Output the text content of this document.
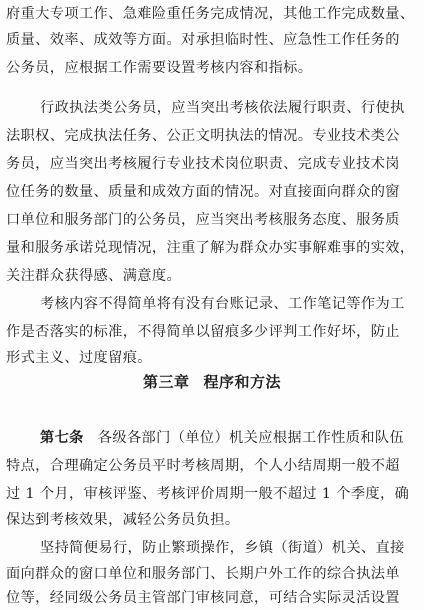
府重大专项工作、急难险重任务完成情况，其他工作完成数量、
质量、效率、成效等方面。对承担临时性、应急性工作任务的
公务员，应根据工作需要设置考核内容和指标。
行政执法类公务员，应当突出考核依法履行职责、行使执
法职权、完成执法任务、公正文明执法的情况。专业技术类公
务员，应当突出考核履行专业技术岗位职责、完成专业技术岗
位任务的数量、质量和成效方面的情况。对直接面向群众的窗
口单位和服务部门的公务员，应当突出考核服务态度、服务质
量和服务承诺兑现情况，注重了解为群众办实事解难事的实效，
关注群众获得感、满意度。
考核内容不得简单将有没有台账记录、工作笔记等作为工
作是否落实的标准，不得简单以留痕多少评判工作好坏，防止
形式主义、过度留痕。
第三章 程序和方法
第七条 各级各部门（单位）机关应根据工作性质和队伍
特点，合理确定公务员平时考核周期，个人小结周期一般不超
过 1 个月，审核评鉴、考核评价周期一般不超过 1 个季度，确
保达到考核效果，减轻公务员负担。
坚持简便易行，防止繁琐操作，乡镇（街道）机关、直接
面向群众的窗口单位和服务部门、长期户外工作的综合执法单
位等，经同级公务员主管部门审核同意，可结合实际灵活设置
